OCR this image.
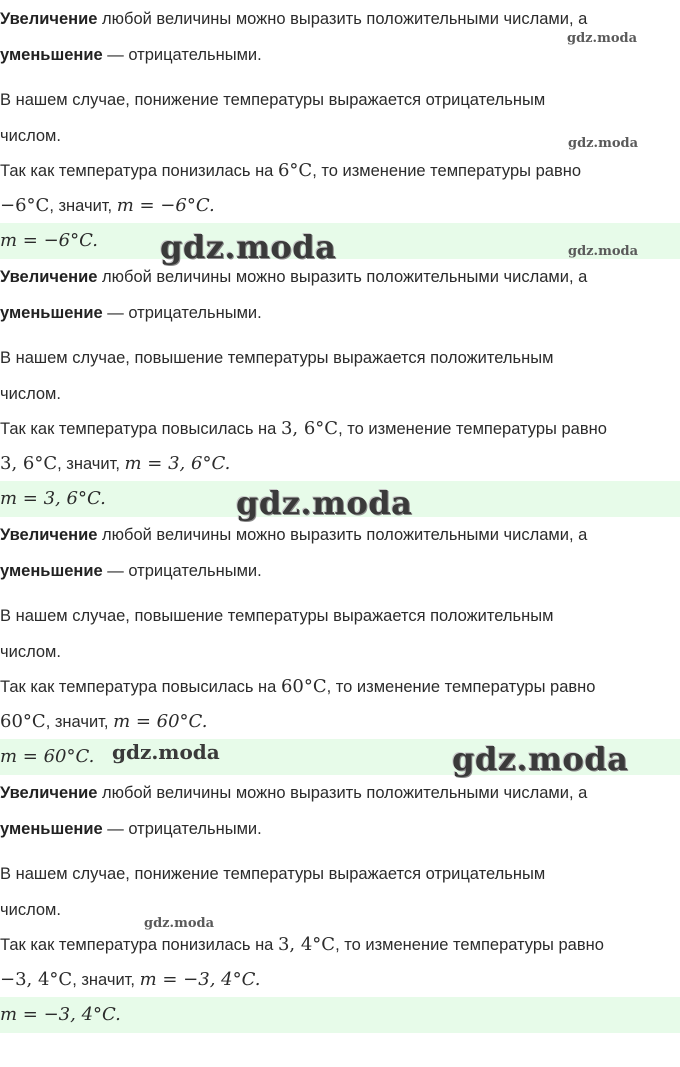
Увеличение любой величины можно выразить положительными числами, а
уменьшение — отрицательными.
В нашем случае, понижение температуры выражается отрицательным
числом.
Так как температура понизилась на 6°C, то изменение температуры равно
−6°C, значит, m = −6°C.
m = −6°C.
Увеличение любой величины можно выразить положительными числами, а
уменьшение — отрицательными.
В нашем случае, повышение температуры выражается положительным
числом.
Так как температура повысилась на 3, 6°C, то изменение температуры равно
3, 6°C, значит, m = 3, 6°C.
m = 3, 6°C.
Увеличение любой величины можно выразить положительными числами, а
уменьшение — отрицательными.
В нашем случае, повышение температуры выражается положительным
числом.
Так как температура повысилась на 60°C, то изменение температуры равно
60°C, значит, m = 60°C.
m = 60°C.
Увеличение любой величины можно выразить положительными числами, а
уменьшение — отрицательными.
В нашем случае, понижение температуры выражается отрицательным
числом.
Так как температура понизилась на 3, 4°C, то изменение температуры равно
−3, 4°C, значит, m = −3, 4°C.
m = −3, 4°C.
gdz.moda
gdz.moda
gdz.moda	gdz.moda
gdz.moda
gdz.moda	gdz.moda
gdz.moda
